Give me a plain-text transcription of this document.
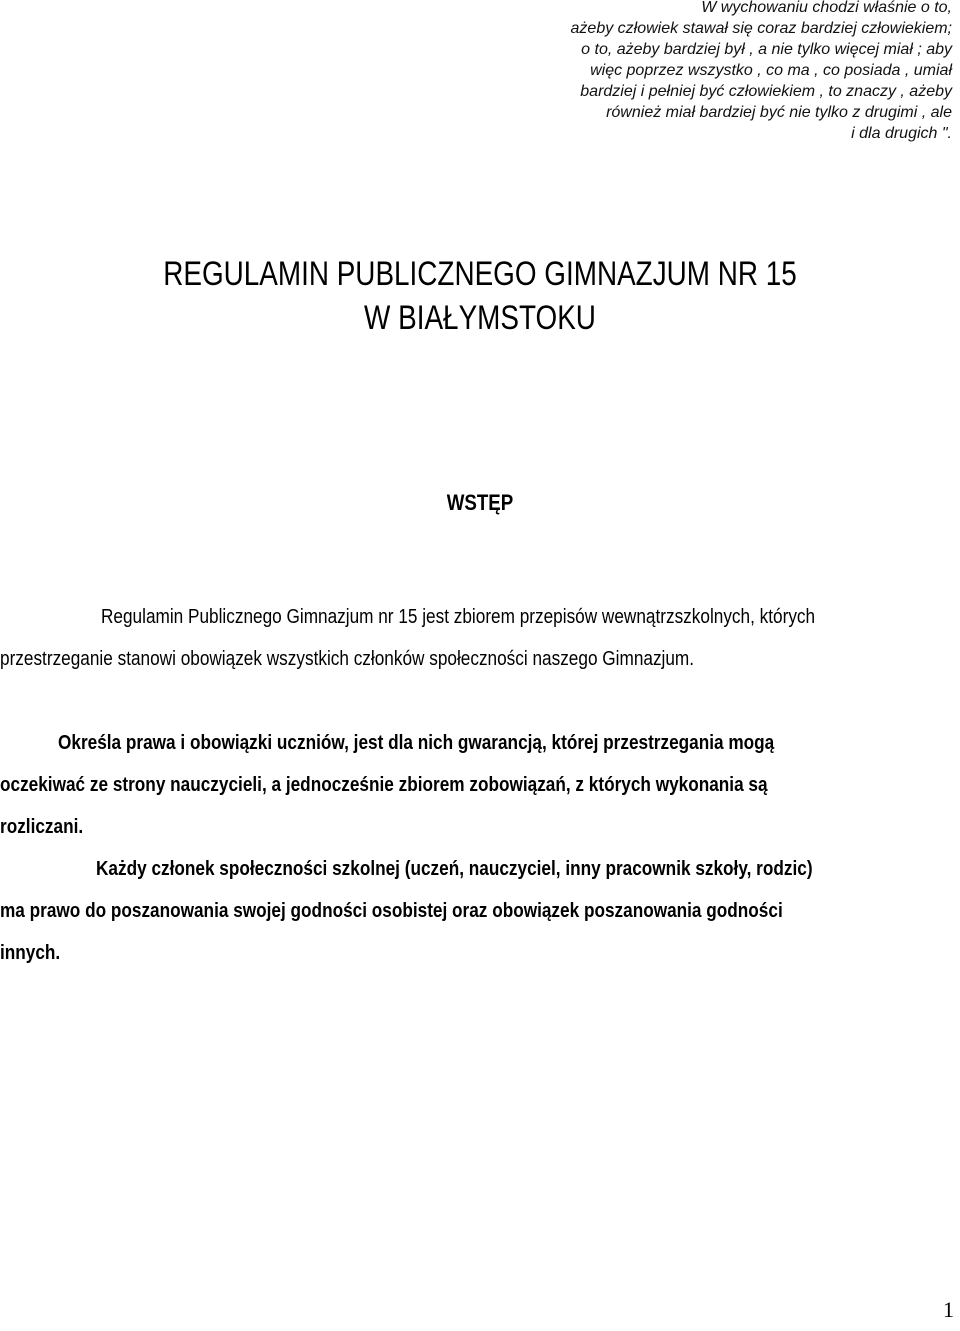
W wychowaniu chodzi właśnie o to,
ażeby człowiek stawał się coraz bardziej człowiekiem;
o to, ażeby bardziej był , a nie tylko więcej miał ; aby
więc poprzez wszystko , co ma , co posiada , umiał
bardziej i pełniej być człowiekiem , to znaczy , ażeby
również miał bardziej być nie tylko z drugimi , ale
i dla drugich ".
REGULAMIN PUBLICZNEGO GIMNAZJUM NR 15
W BIAŁYMSTOKU
WSTĘP
Regulamin Publicznego Gimnazjum nr 15 jest zbiorem przepisów wewnątrzszkolnych, których
przestrzeganie stanowi obowiązek wszystkich członków społeczności naszego Gimnazjum.
Określa prawa i obowiązki uczniów, jest dla nich gwarancją, której przestrzegania mogą
oczekiwać ze strony nauczycieli, a jednocześnie zbiorem zobowiązań, z których wykonania są
rozliczani.
Każdy członek społeczności szkolnej (uczeń, nauczyciel, inny pracownik szkoły, rodzic)
ma prawo do poszanowania swojej godności osobistej oraz obowiązek poszanowania godności
innych.
1
